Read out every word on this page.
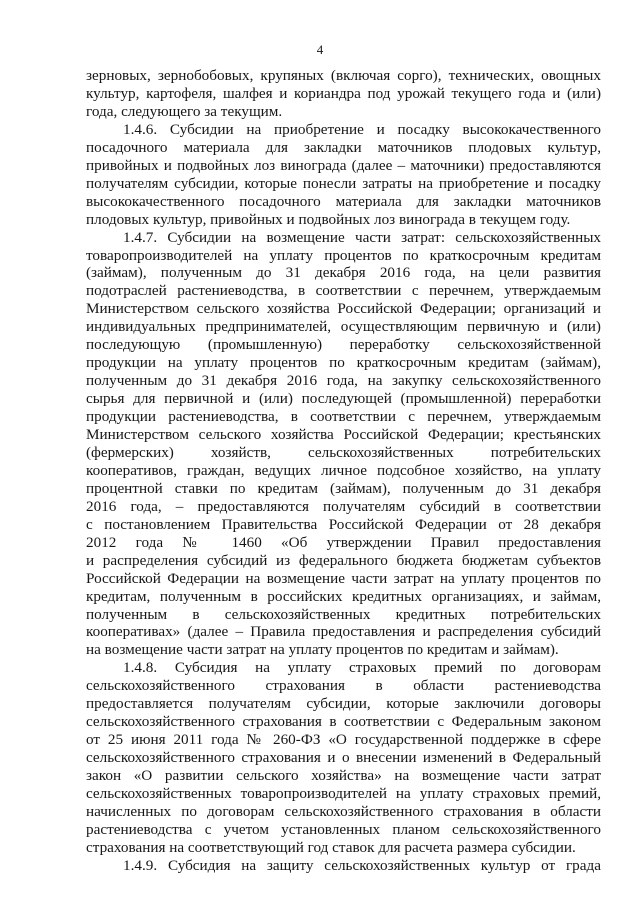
4
зерновых, зернобобовых, крупяных (включая сорго), технических, овощных
культур, картофеля, шалфея и кориандра под урожай текущего года и (или)
года, следующего за текущим.
1.4.6. Субсидии на приобретение и посадку высококачественного
посадочного материала для закладки маточников плодовых культур,
привойных и подвойных лоз винограда (далее – маточники) предоставляются
получателям субсидии, которые понесли затраты на приобретение и посадку
высококачественного посадочного материала для закладки маточников
плодовых культур, привойных и подвойных лоз винограда в текущем году.
1.4.7. Субсидии на возмещение части затрат: сельскохозяйственных
товаропроизводителей на уплату процентов по краткосрочным кредитам
(займам), полученным до 31 декабря 2016 года, на цели развития
подотраслей растениеводства, в соответствии с перечнем, утверждаемым
Министерством сельского хозяйства Российской Федерации; организаций и
индивидуальных предпринимателей, осуществляющим первичную и (или)
последующую (промышленную) переработку сельскохозяйственной
продукции на уплату процентов по краткосрочным кредитам (займам),
полученным до 31 декабря 2016 года, на закупку сельскохозяйственного
сырья для первичной и (или) последующей (промышленной) переработки
продукции растениеводства, в соответствии с перечнем, утверждаемым
Министерством сельского хозяйства Российской Федерации; крестьянских
(фермерских) хозяйств, сельскохозяйственных потребительских
кооперативов, граждан, ведущих личное подсобное хозяйство, на уплату
процентной ставки по кредитам (займам), полученным до 31 декабря
2016 года, – предоставляются получателям субсидий в соответствии
с постановлением Правительства Российской Федерации от 28 декабря
2012 года № 1460 «Об утверждении Правил предоставления
и распределения субсидий из федерального бюджета бюджетам субъектов
Российской Федерации на возмещение части затрат на уплату процентов по
кредитам, полученным в российских кредитных организациях, и займам,
полученным в сельскохозяйственных кредитных потребительских
кооперативах» (далее – Правила предоставления и распределения субсидий
на возмещение части затрат на уплату процентов по кредитам и займам).
1.4.8. Субсидия на уплату страховых премий по договорам
сельскохозяйственного страхования в области растениеводства
предоставляется получателям субсидии, которые заключили договоры
сельскохозяйственного страхования в соответствии с Федеральным законом
от 25 июня 2011 года № 260-ФЗ «О государственной поддержке в сфере
сельскохозяйственного страхования и о внесении изменений в Федеральный
закон «О развитии сельского хозяйства» на возмещение части затрат
сельскохозяйственных товаропроизводителей на уплату страховых премий,
начисленных по договорам сельскохозяйственного страхования в области
растениеводства с учетом установленных планом сельскохозяйственного
страхования на соответствующий год ставок для расчета размера субсидии.
1.4.9. Субсидия на защиту сельскохозяйственных культур от града
